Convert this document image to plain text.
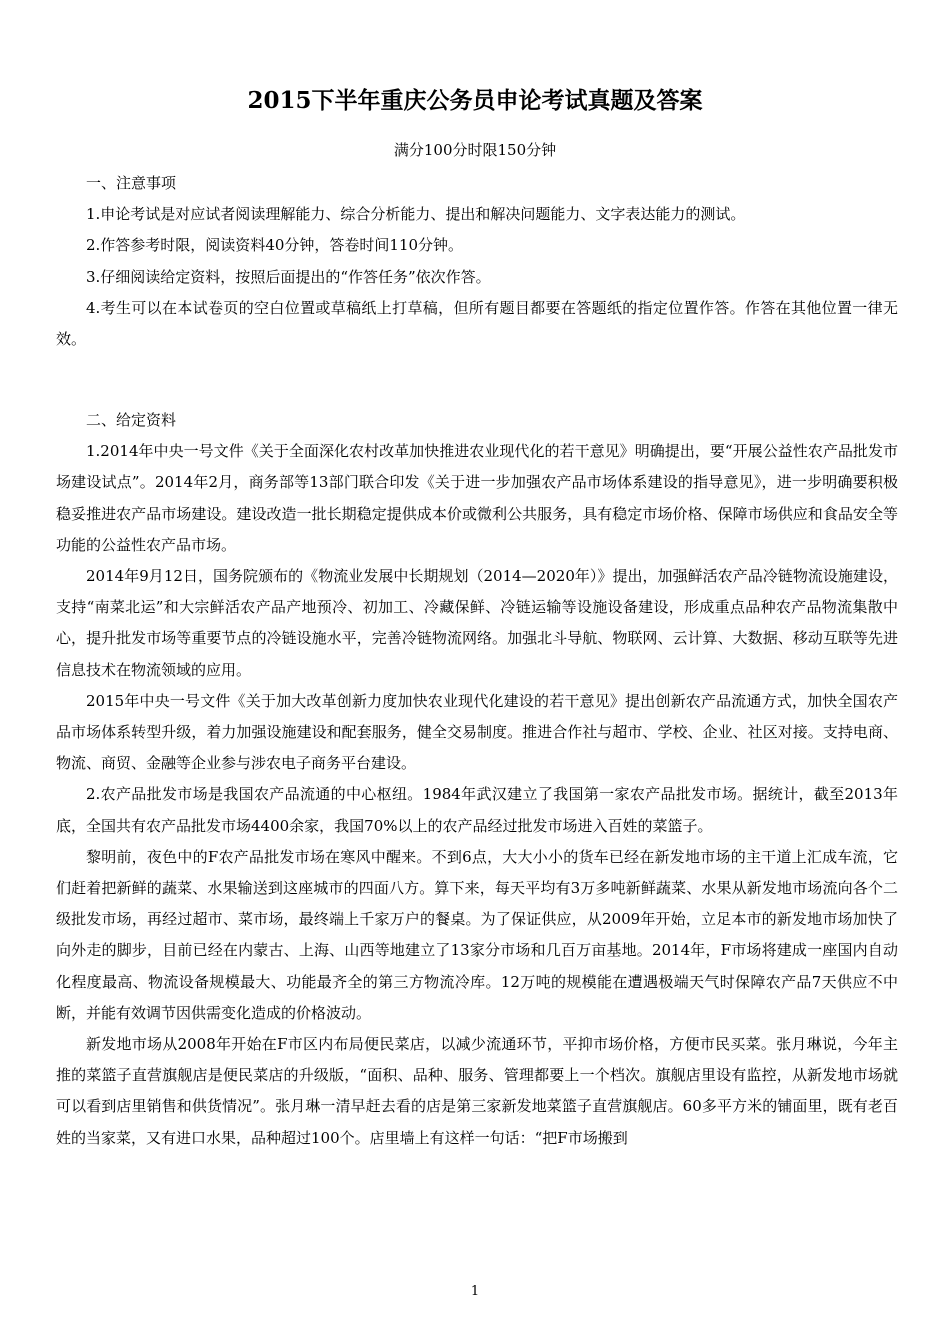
2015下半年重庆公务员申论考试真题及答案
满分100分时限150分钟

一、注意事项

1.申论考试是对应试者阅读理解能力、综合分析能力、提出和解决问题能力、文字表达能力的测试。

2.作答参考时限，阅读资料40分钟，答卷时间110分钟。

3.仔细阅读给定资料，按照后面提出的“作答任务”依次作答。

4.考生可以在本试卷页的空白位置或草稿纸上打草稿，但所有题目都要在答题纸的指定位置作答。作答在其他位置一律无效。

二、给定资料

1.2014年中央一号文件《关于全面深化农村改革加快推进农业现代化的若干意见》明确提出，要“开展公益性农产品批发市场建设试点”。2014年2月，商务部等13部门联合印发《关于进一步加强农产品市场体系建设的指导意见》，进一步明确要积极稳妥推进农产品市场建设。建设改造一批长期稳定提供成本价或微利公共服务，具有稳定市场价格、保障市场供应和食品安全等功能的公益性农产品市场。

2014年9月12日，国务院颁布的《物流业发展中长期规划（2014—2020年）》提出，加强鲜活农产品冷链物流设施建设，支持“南菜北运”和大宗鲜活农产品产地预冷、初加工、冷藏保鲜、冷链运输等设施设备建设，形成重点品种农产品物流集散中心，提升批发市场等重要节点的冷链设施水平，完善冷链物流网络。加强北斗导航、物联网、云计算、大数据、移动互联等先进信息技术在物流领域的应用。

2015年中央一号文件《关于加大改革创新力度加快农业现代化建设的若干意见》提出创新农产品流通方式，加快全国农产品市场体系转型升级，着力加强设施建设和配套服务，健全交易制度。推进合作社与超市、学校、企业、社区对接。支持电商、物流、商贸、金融等企业参与涉农电子商务平台建设。

2.农产品批发市场是我国农产品流通的中心枢纽。1984年武汉建立了我国第一家农产品批发市场。据统计，截至2013年底，全国共有农产品批发市场4400余家，我国70%以上的农产品经过批发市场进入百姓的菜篮子。

黎明前，夜色中的F农产品批发市场在寒风中醒来。不到6点，大大小小的货车已经在新发地市场的主干道上汇成车流，它们赶着把新鲜的蔬菜、水果输送到这座城市的四面八方。算下来，每天平均有3万多吨新鲜蔬菜、水果从新发地市场流向各个二级批发市场，再经过超市、菜市场，最终端上千家万户的餐桌。为了保证供应，从2009年开始，立足本市的新发地市场加快了向外走的脚步，目前已经在内蒙古、上海、山西等地建立了13家分市场和几百万亩基地。2014年，F市场将建成一座国内自动化程度最高、物流设备规模最大、功能最齐全的第三方物流冷库。12万吨的规模能在遭遇极端天气时保障农产品7天供应不中断，并能有效调节因供需变化造成的价格波动。

新发地市场从2008年开始在F市区内布局便民菜店，以减少流通环节，平抑市场价格，方便市民买菜。张月琳说，今年主推的菜篮子直营旗舰店是便民菜店的升级版，“面积、品种、服务、管理都要上一个档次。旗舰店里设有监控，从新发地市场就可以看到店里销售和供货情况”。张月琳一清早赶去看的店是第三家新发地菜篮子直营旗舰店。60多平方米的铺面里，既有老百姓的当家菜，又有进口水果，品种超过100个。店里墙上有这样一句话：“把F市场搬到

1
